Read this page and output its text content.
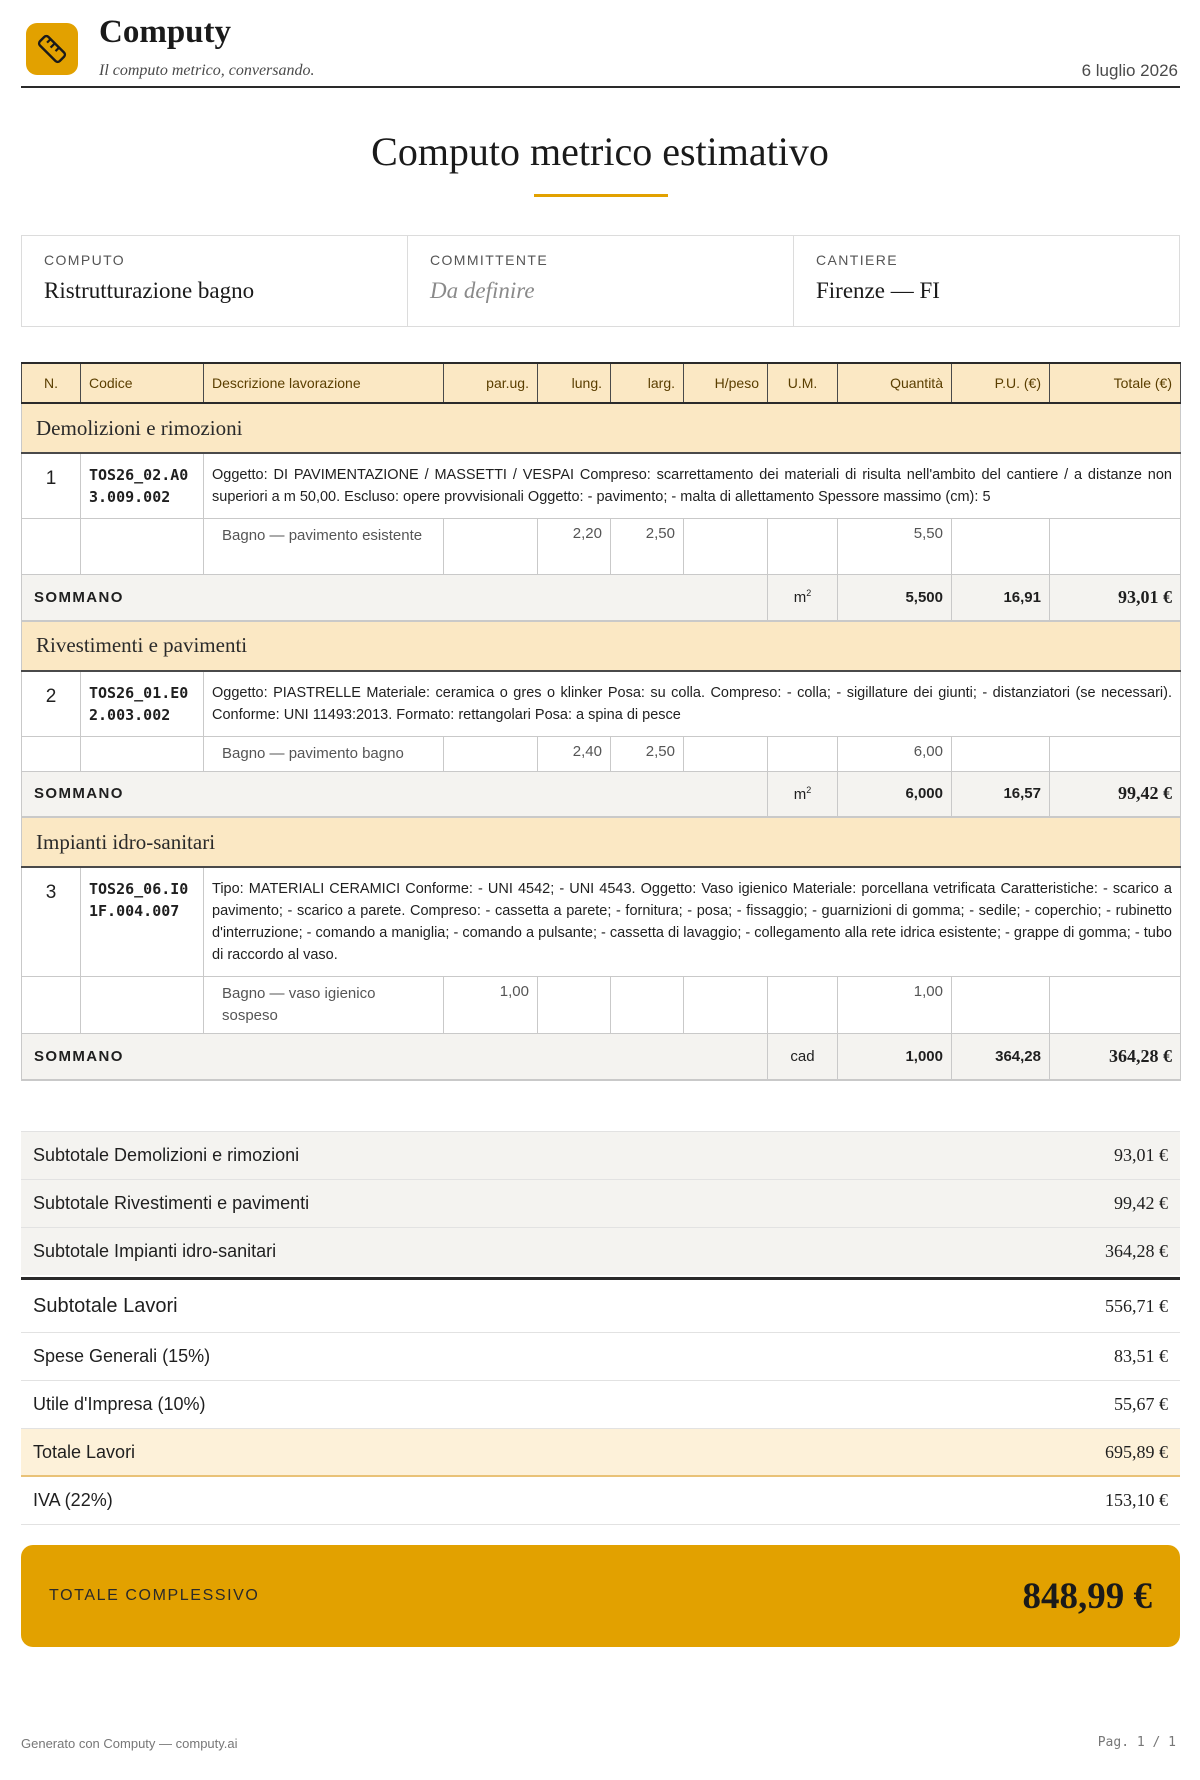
Computy
Il computo metrico, conversando.	6 luglio 2026
Computo metrico estimativo
COMPUTO
Ristrutturazione bagno
COMMITTENTE
Da definire
CANTIERE
Firenze — FI
N.	Codice	Descrizione lavorazione	par.ug.	lung.	larg.	H/peso	U.M.	Quantità	P.U. (€)	Totale (€)
Demolizioni e rimozioni										
1	TOS26_02.A0 3.009.002	Oggetto: DI PAVIMENTAZIONE / MASSETTI / VESPAI Compreso: scarrettamento dei materiali di risulta nell'ambito del cantiere / a distanze non superiori a m 50,00. Escluso: opere provvisionali Oggetto: - pavimento; - malta di allettamento Spessore massimo (cm): 5								
		Bagno — pavimento esistente		2,20	2,50			5,50		
SOMMANO							$m^2$	5,500	16,91	93,01 €
Rivestimenti e pavimenti										
2	TOS26_01.E0 2.003.002	Oggetto: PIASTRELLE Materiale: ceramica o gres o klinker Posa: su colla. Compreso: - colla; - sigillature dei giunti; - distanziatori (se necessari). Conforme: UNI 11493:2013. Formato: rettangolari Posa: a spina di pesce								
		Bagno — pavimento bagno		2,40	2,50			6,00		
SOMMANO							$m^2$	6,000	16,57	99,42 €
Impianti idro-sanitari										
3	TOS26_06.I0 1F.004.007	Tipo: MATERIALI CERAMICI Conforme: - UNI 4542; - UNI 4543. Oggetto: Vaso igienico Materiale: porcellana vetrificata Caratteristiche: - scarico a pavimento; - scarico a parete. Compreso: - cassetta a parete; - fornitura; - posa; - fissaggio; - guarnizioni di gomma; - sedile; - coperchio; - rubinetto d'interruzione; - comando a maniglia; - comando a pulsante; - cassetta di lavaggio; - collegamento alla rete idrica esistente; - grappe di gomma; - tubo di raccordo al vaso.								
		Bagno — vaso igienico sospeso	1,00					1,00		
SOMMANO							cad	1,000	364,28	364,28 €
Subtotale Demolizioni e rimozioni	93,01 €
Subtotale Rivestimenti e pavimenti	99,42 €
Subtotale Impianti idro-sanitari	364,28 €
Subtotale Lavori	556,71 €
Spese Generali (15%)	83,51 €
Utile d'Impresa (10%)	55,67 €
Totale Lavori	695,89 €
IVA (22%)	153,10 €
TOTALE COMPLESSIVO	848,99 €
Generato con Computy — computy.ai	Pag. 1 / 1
